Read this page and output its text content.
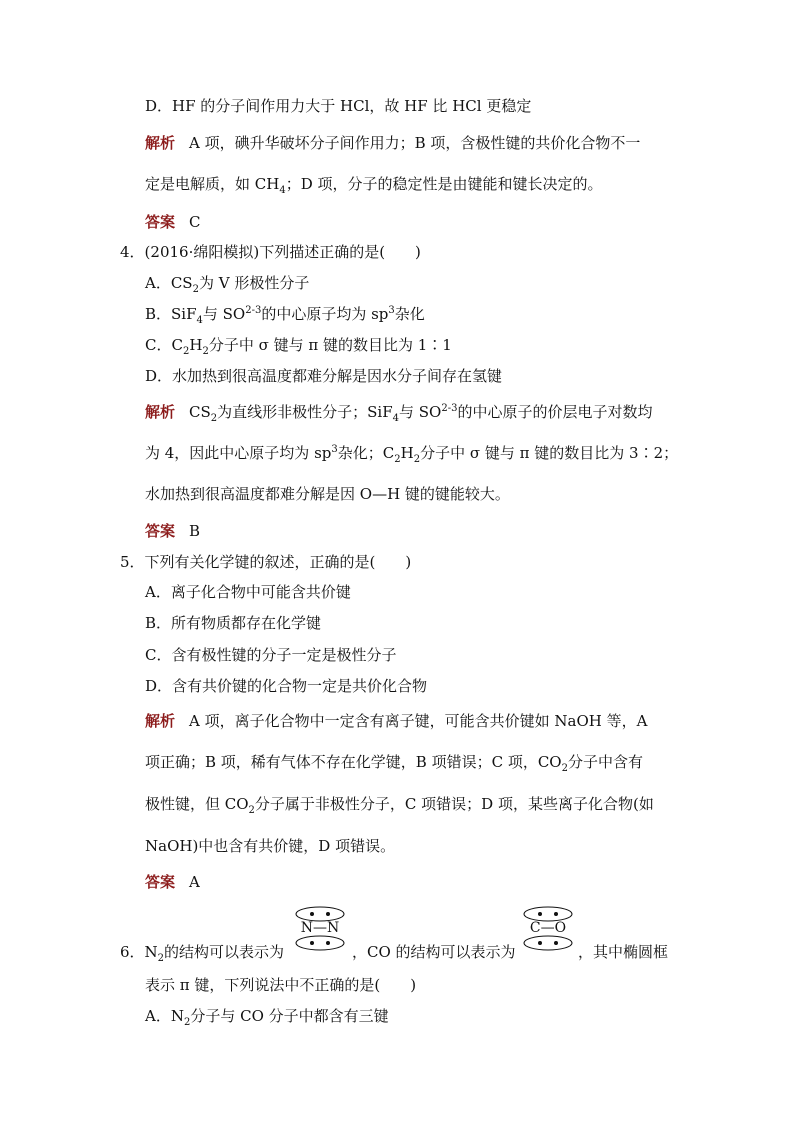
D．HF 的分子间作用力大于 HCl，故 HF 比 HCl 更稳定
解析 A 项，碘升华破坏分子间作用力；B 项，含极性键的共价化合物不一
定是电解质，如 $CH_4$；D 项，分子的稳定性是由键能和键长决定的。
答案 C
4．(2016·绵阳模拟)下列描述正确的是(　　)
A．$CS_2$为 V 形极性分子
B．SiF$_4$与 SO$^{2-3}$的中心原子均为 $sp^3$杂化
C．$C_2H_2$分子中 σ 键与 π 键的数目比为 1∶1
D．水加热到很高温度都难分解是因水分子间存在氢键
解析 $CS_2$为直线形非极性分子；SiF$_4$与 SO$^{2-3}$的中心原子的价层电子对数均
为 4，因此中心原子均为 $sp^3$杂化；$C_2H_2$分子中 σ 键与 π 键的数目比为 3∶2；
水加热到很高温度都难分解是因 O—H 键的键能较大。
答案 B
5．下列有关化学键的叙述，正确的是(　　)
A．离子化合物中可能含共价键
B．所有物质都存在化学键
C．含有极性键的分子一定是极性分子
D．含有共价键的化合物一定是共价化合物
解析 A 项，离子化合物中一定含有离子键，可能含共价键如 NaOH 等，A
项正确；B 项，稀有气体不存在化学键，B 项错误；C 项，$CO_2$分子中含有
极性键，但 $CO_2$分子属于非极性分子，C 项错误；D 项，某些离子化合物(如
NaOH)中也含有共价键，D 项错误。
答案 A
6．$N_2$的结构可以表示为
N—N
，CO 的结构可以表示为
C—O
，其中椭圆框
表示 π 键，下列说法中不正确的是(　　)
A．$N_2$分子与 CO 分子中都含有三键
